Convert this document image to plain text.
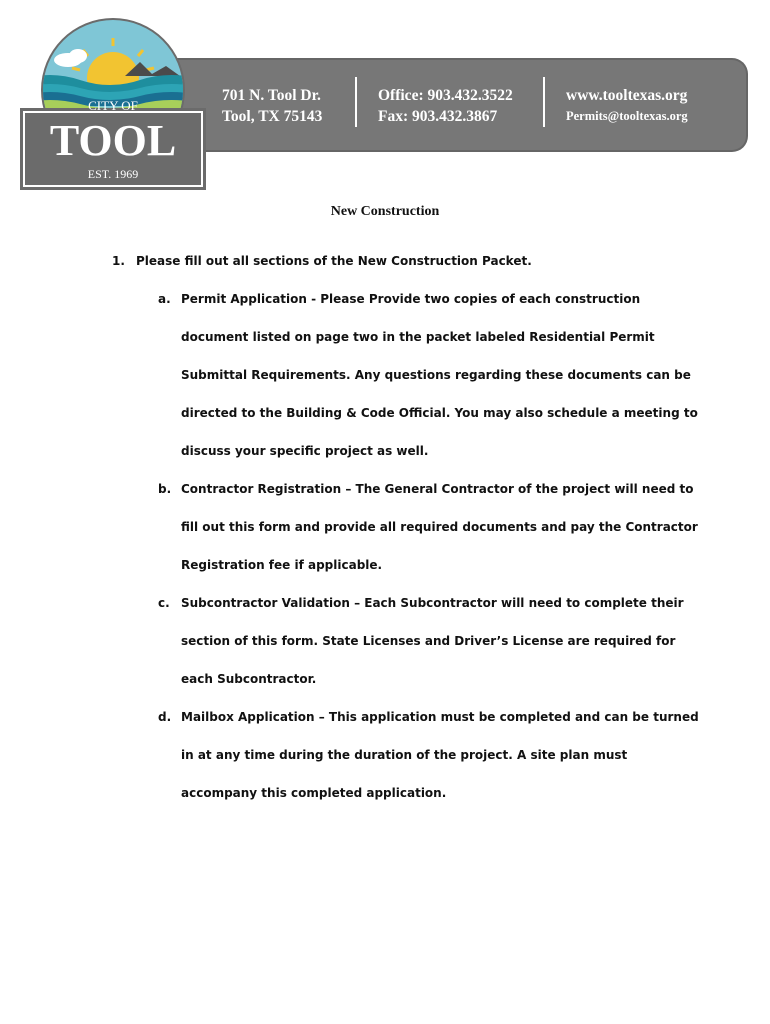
CITY OF
TOOL
EST. 1969
701 N. Tool Dr.
Tool, TX 75143
Office: 903.432.3522
Fax: 903.432.3867
www.tooltexas.org
Permits@tooltexas.org
New Construction
1. Please fill out all sections of the New Construction Packet.
a. Permit Application - Please Provide two copies of each construction document listed on page two in the packet labeled Residential Permit Submittal Requirements. Any questions regarding these documents can be directed to the Building & Code Official. You may also schedule a meeting to discuss your specific project as well.

b. Contractor Registration – The General Contractor of the project will need to fill out this form and provide all required documents and pay the Contractor Registration fee if applicable.

c. Subcontractor Validation – Each Subcontractor will need to complete their section of this form. State Licenses and Driver’s License are required for each Subcontractor.

d. Mailbox Application – This application must be completed and can be turned in at any time during the duration of the project. A site plan must accompany this completed application.
